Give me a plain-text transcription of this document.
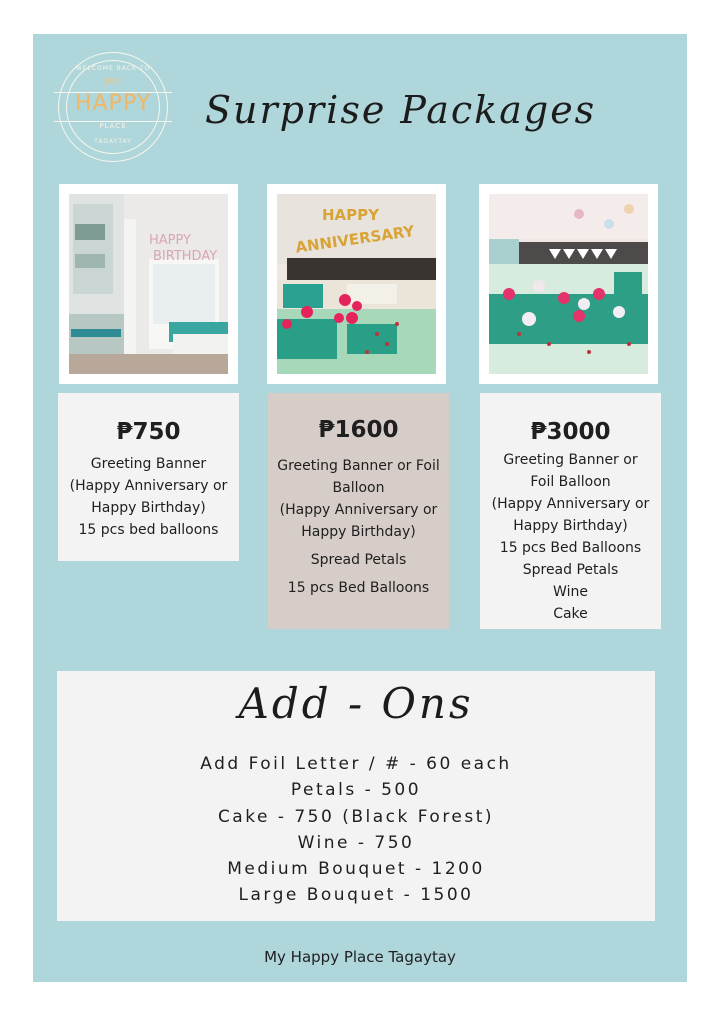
WELCOME BACK TO
MY
HAPPY
PLACE
TAGAYTAY
Surprise Packages
HAPPY
BIRTHDAY
HAPPY
ANNIVERSARY
₱750
Greeting Banner
(Happy Anniversary or
Happy Birthday)
15 pcs bed balloons
₱1600
Greeting Banner or Foil
Balloon
(Happy Anniversary or
Happy Birthday)
Spread Petals
15 pcs Bed Balloons
₱3000
Greeting Banner or
Foil Balloon
(Happy Anniversary or
Happy Birthday)
15 pcs Bed Balloons
Spread Petals
Wine
Cake
Add - Ons
Add Foil Letter / # - 60 each
Petals - 500
Cake - 750 (Black Forest)
Wine - 750
Medium Bouquet - 1200
Large Bouquet - 1500
My Happy Place Tagaytay
